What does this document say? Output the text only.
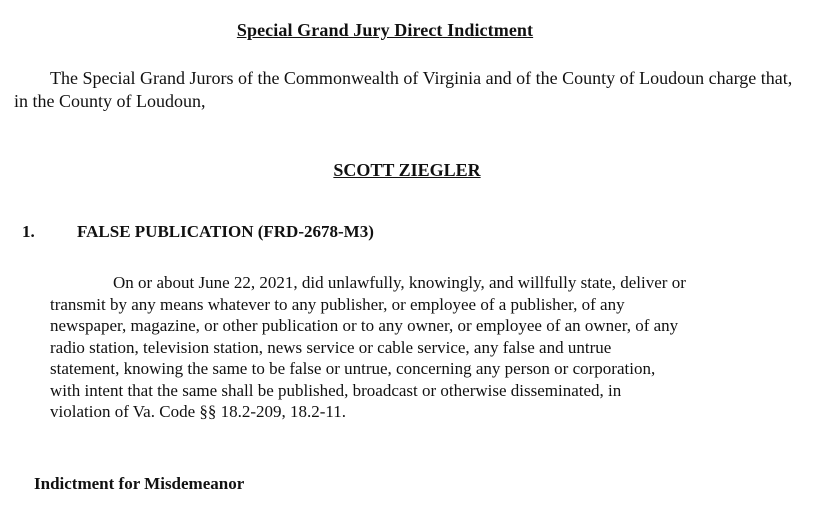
Special Grand Jury Direct Indictment
The Special Grand Jurors of the Commonwealth of Virginia and of the County of Loudoun charge that, in the County of Loudoun,
SCOTT ZIEGLER
1. FALSE PUBLICATION (FRD-2678-M3)
On or about June 22, 2021, did unlawfully, knowingly, and willfully state, deliver or
transmit by any means whatever to any publisher, or employee of a publisher, of any
newspaper, magazine, or other publication or to any owner, or employee of an owner, of any
radio station, television station, news service or cable service, any false and untrue
statement, knowing the same to be false or untrue, concerning any person or corporation,
with intent that the same shall be published, broadcast or otherwise disseminated, in
violation of Va. Code §§ 18.2-209, 18.2-11.
Indictment for Misdemeanor
